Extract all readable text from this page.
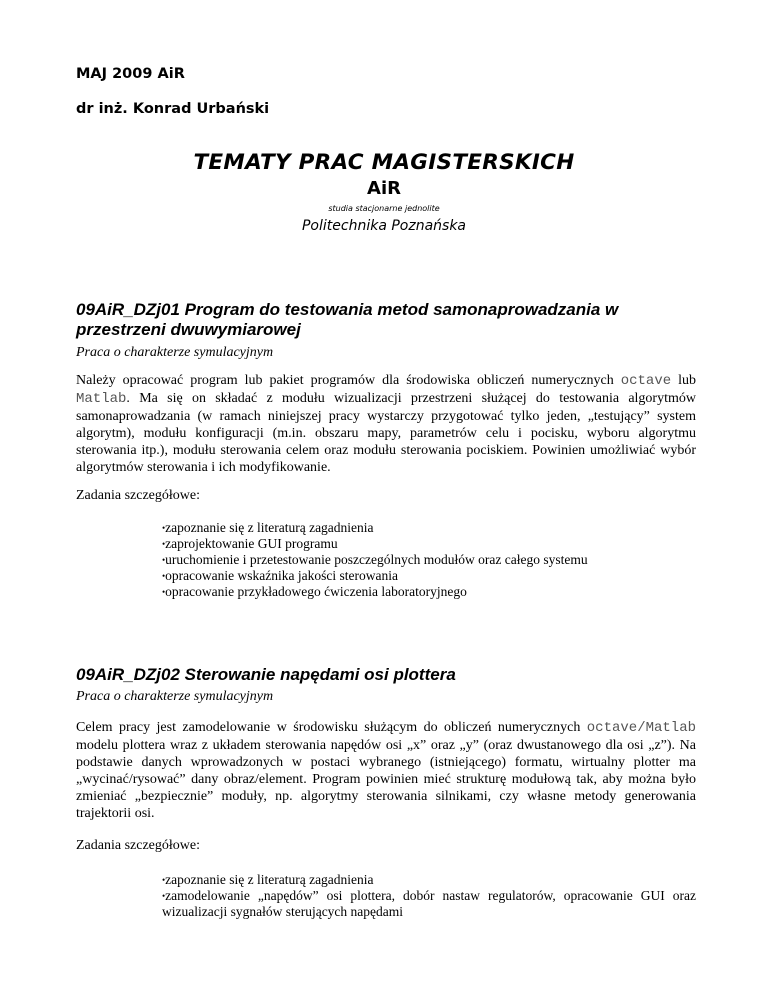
MAJ 2009 AiR
dr inż. Konrad Urbański
TEMATY PRAC MAGISTERSKICH
AiR
studia stacjonarne jednolite
Politechnika Poznańska
09AiR_DZj01 Program do testowania metod samonaprowadzania w przestrzeni dwuwymiarowej
Praca o charakterze symulacyjnym
Należy opracować program lub pakiet programów dla środowiska obliczeń numerycznych octave lub Matlab. Ma się on składać z modułu wizualizacji przestrzeni służącej do testowania algorytmów samonaprowadzania (w ramach niniejszej pracy wystarczy przygotować tylko jeden, „testujący” system algorytm), modułu konfiguracji (m.in. obszaru mapy, parametrów celu i pocisku, wyboru algorytmu sterowania itp.), modułu sterowania celem oraz modułu sterowania pociskiem. Powinien umożliwiać wybór algorytmów sterowania i ich modyfikowanie.
Zadania szczegółowe:
•zapoznanie się z literaturą zagadnienia
•zaprojektowanie GUI programu
•uruchomienie i przetestowanie poszczególnych modułów oraz całego systemu
•opracowanie wskaźnika jakości sterowania
•opracowanie przykładowego ćwiczenia laboratoryjnego
09AiR_DZj02 Sterowanie napędami osi plottera
Praca o charakterze symulacyjnym
Celem pracy jest zamodelowanie w środowisku służącym do obliczeń numerycznych octave/Matlab modelu plottera wraz z układem sterowania napędów osi „x” oraz „y” (oraz dwustanowego dla osi „z”). Na podstawie danych wprowadzonych w postaci wybranego (istniejącego) formatu, wirtualny plotter ma „wycinać/rysować” dany obraz/element. Program powinien mieć strukturę modułową tak, aby można było zmieniać „bezpiecznie” moduły, np. algorytmy sterowania silnikami, czy własne metody generowania trajektorii osi.
Zadania szczegółowe:
•zapoznanie się z literaturą zagadnienia
•zamodelowanie „napędów” osi plottera, dobór nastaw regulatorów, opracowanie GUI oraz wizualizacji sygnałów sterujących napędami
